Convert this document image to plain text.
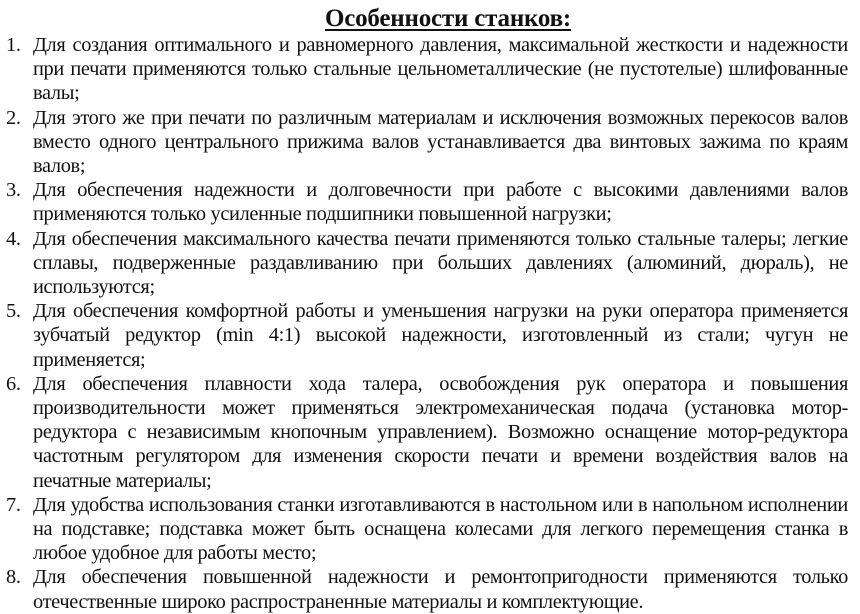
Особенности станков:
1. Для создания оптимального и равномерного давления, максимальной жесткости и надежности при печати применяются только стальные цельнометаллические (не пустотелые) шлифованные валы;
2. Для этого же при печати по различным материалам и исключения возможных перекосов валов вместо одного центрального прижима валов устанавливается два винтовых зажима по краям валов;
3. Для обеспечения надежности и долговечности при работе с высокими давлениями валов применяются только усиленные подшипники повышенной нагрузки;
4. Для обеспечения максимального качества печати применяются только стальные талеры; легкие сплавы, подверженные раздавливанию при больших давлениях (алюминий, дюраль), не используются;
5. Для обеспечения комфортной работы и уменьшения нагрузки на руки оператора применяется зубчатый редуктор (min 4:1) высокой надежности, изготовленный из стали; чугун не применяется;
6. Для обеспечения плавности хода талера, освобождения рук оператора и повышения производительности может применяться электромеханическая подача (установка мотор-редуктора с независимым кнопочным управлением). Возможно оснащение мотор-редуктора частотным регулятором для изменения скорости печати и времени воздействия валов на печатные материалы;
7. Для удобства использования станки изготавливаются в настольном или в напольном исполнении на подставке; подставка может быть оснащена колесами для легкого перемещения станка в любое удобное для работы место;
8. Для обеспечения повышенной надежности и ремонтопригодности применяются только отечественные широко распространенные материалы и комплектующие.
